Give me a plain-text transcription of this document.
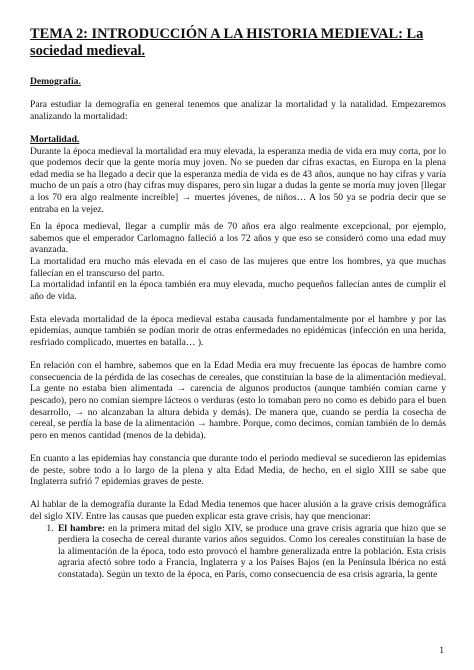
TEMA 2: INTRODUCCIÓN A LA HISTORIA MEDIEVAL: La sociedad medieval.
Demografía.

Para estudiar la demografía en general tenemos que analizar la mortalidad y la natalidad. Empezaremos analizando la mortalidad:

Mortalidad.

Durante la época medieval la mortalidad era muy elevada, la esperanza media de vida era muy corta, por lo que podemos decir que la gente moría muy joven. No se pueden dar cifras exactas, en Europa en la plena edad media se ha llegado a decir que la esperanza media de vida es de 43 años, aunque no hay cifras y varía mucho de un país a otro (hay cifras muy dispares, pero sin lugar a dudas la gente se moría muy joven [llegar a los 70 era algo realmente increíble] → muertes jóvenes, de niños… A los 50 ya se podría decir que se entraba en la vejez.

En la época medieval, llegar a cumplir más de 70 años era algo realmente excepcional, por ejemplo, sabemos que el emperador Carlomagno falleció a los 72 años y que eso se consideró como una edad muy avanzada.

La mortalidad era mucho más elevada en el caso de las mujeres que entre los hombres, ya que muchas fallecían en el transcurso del parto.

La mortalidad infantil en la época también era muy elevada, mucho pequeños fallecían antes de cumplir el año de vida.

Esta elevada mortalidad de la época medieval estaba causada fundamentalmente por el hambre y por las epidemias, aunque también se podían morir de otras enfermedades no epidémicas (infección en una herida, resfriado complicado, muertes en batalla… ).

En relación con el hambre, sabemos que en la Edad Media era muy frecuente las épocas de hambre como consecuencia de la pérdida de las cosechas de cereales, que constituían la base de la alimentación medieval. La gente no estaba bien alimentada → carencia de algunos productos (aunque también comían carne y pescado), pero no comían siempre lácteos o verduras (esto lo tomaban pero no como es debido para el buen desarrollo, → no alcanzaban la altura debida y demás). De manera que, cuando se perdía la cosecha de cereal, se perdía la base de la alimentación → hambre. Porque, como decimos, comían también de lo demás pero en menos cantidad (menos de la debida).

En cuanto a las epidemias hay constancia que durante todo el periodo medieval se sucedieron las epidemias de peste, sobre todo a lo largo de la plena y alta Edad Media, de hecho, en el siglo XIII se sabe que Inglaterra sufrió 7 epidemias graves de peste.

Al hablar de la demografía durante la Edad Media tenemos que hacer alusión a la grave crisis demográfica del siglo XIV. Entre las causas que pueden explicar esta grave crisis, hay que mencionar:

1. El hambre: en la primera mitad del siglo XIV, se produce una grave crisis agraria que hizo que se perdiera la cosecha de cereal durante varios años seguidos. Como los cereales constituían la base de la alimentación de la época, todo esto provocó el hambre generalizada entre la población. Esta crisis agraria afectó sobre todo a Francia, Inglaterra y a los Países Bajos (en la Península Ibérica no está constatada). Según un texto de la época, en París, como consecuencia de esa crisis agraria, la gente
1
